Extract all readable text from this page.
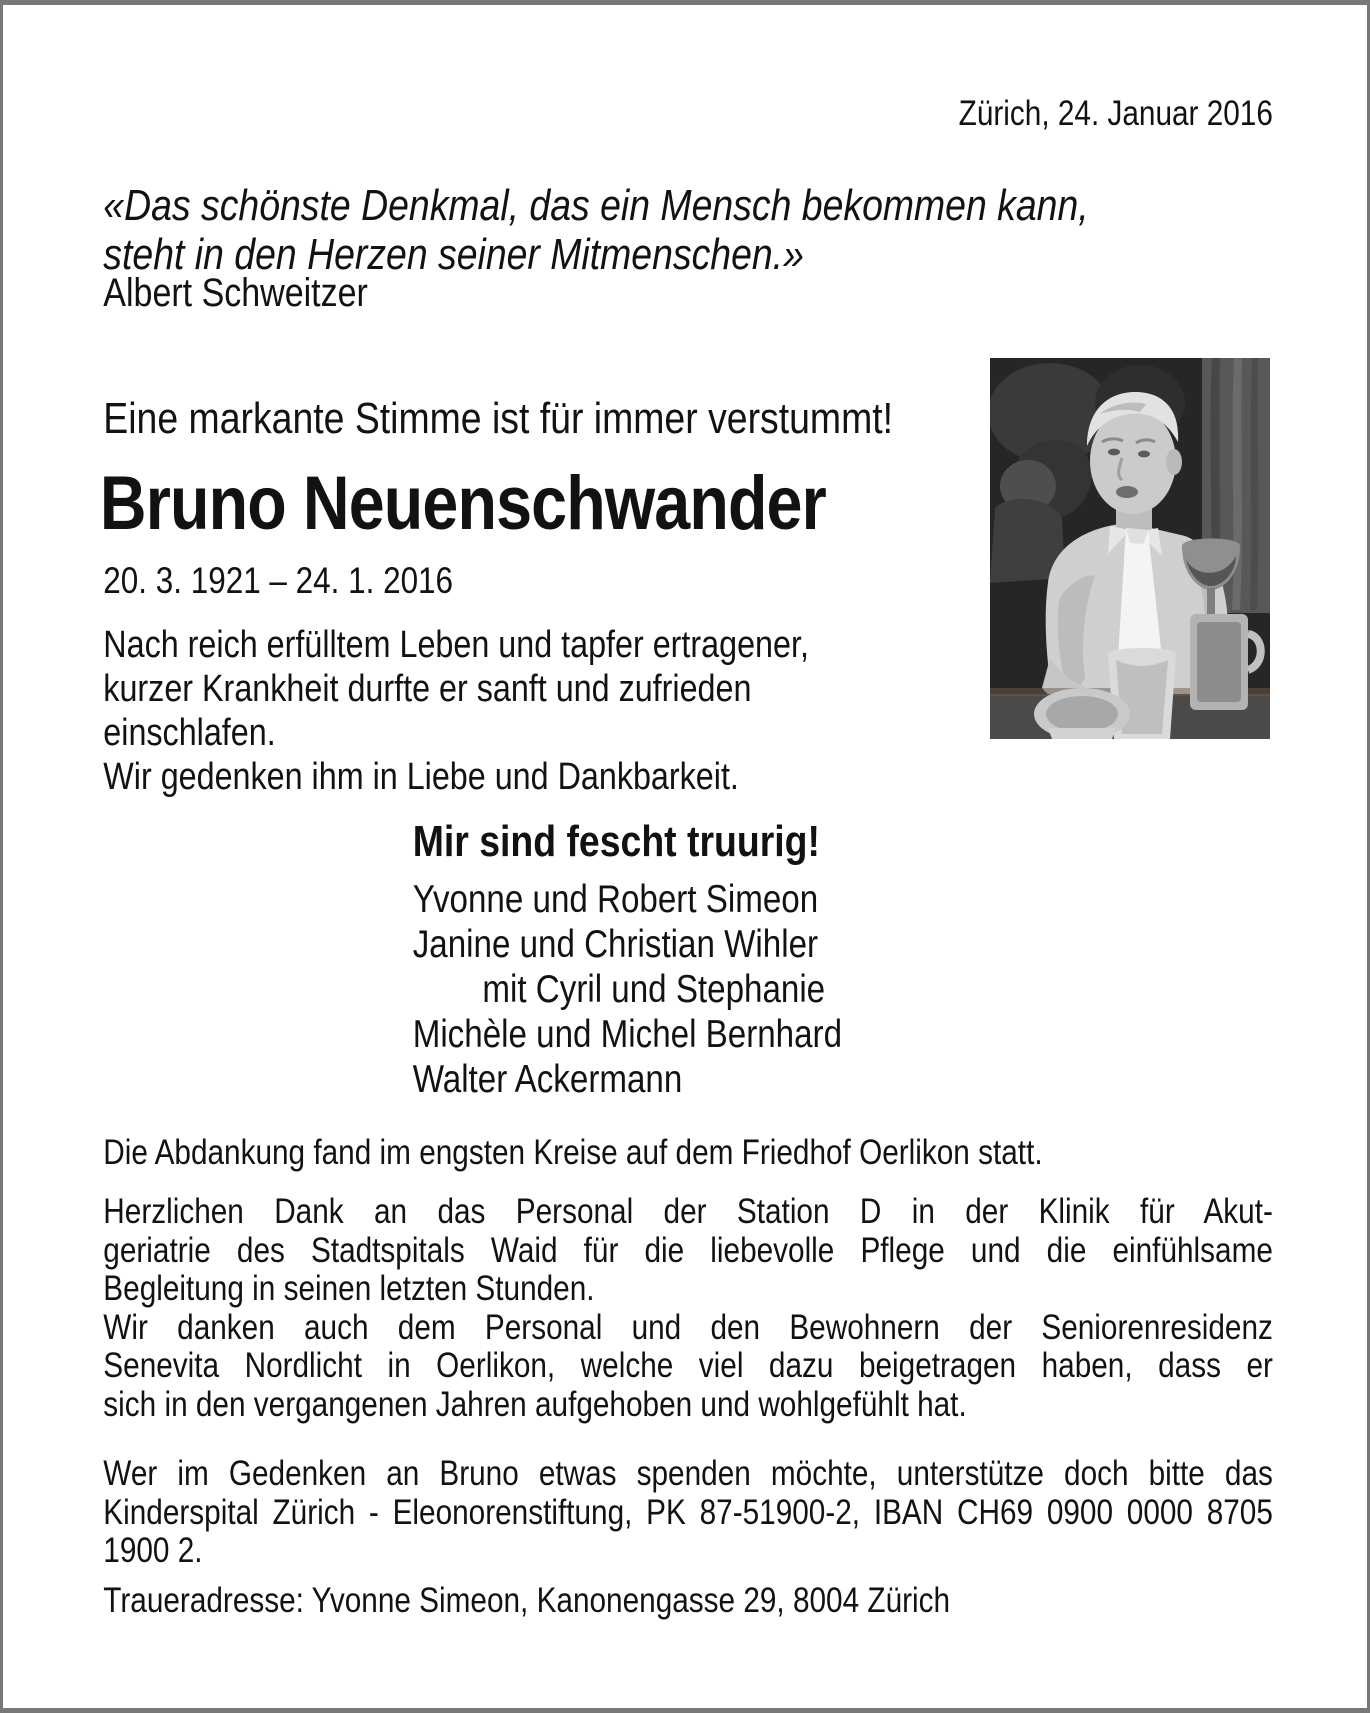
Zürich, 24. Januar 2016
«Das schönste Denkmal, das ein Mensch bekommen kann,
steht in den Herzen seiner Mitmenschen.»
Albert Schweitzer
Eine markante Stimme ist für immer verstummt!
Bruno Neuenschwander
20. 3. 1921 – 24. 1. 2016
Nach reich erfülltem Leben und tapfer ertragener,
kurzer Krankheit durfte er sanft und zufrieden
einschlafen.
Wir gedenken ihm in Liebe und Dankbarkeit.
Mir sind fescht truurig!
Yvonne und Robert Simeon
Janine und Christian Wihler
mit Cyril und Stephanie
Michèle und Michel Bernhard
Walter Ackermann
Die Abdankung fand im engsten Kreise auf dem Friedhof Oerlikon statt.
Herzlichen Dank an das Personal der Station D in der Klinik für Akut-
geriatrie des Stadtspitals Waid für die liebevolle Pflege und die einfühlsame
Begleitung in seinen letzten Stunden.
Wir danken auch dem Personal und den Bewohnern der Seniorenresidenz
Senevita Nordlicht in Oerlikon, welche viel dazu beigetragen haben, dass er
sich in den vergangenen Jahren aufgehoben und wohlgefühlt hat.
Wer im Gedenken an Bruno etwas spenden möchte, unterstütze doch bitte das
Kinderspital Zürich - Eleonorenstiftung, PK 87-51900-2, IBAN CH69 0900 0000 8705
1900 2.
Traueradresse: Yvonne Simeon, Kanonengasse 29, 8004 Zürich
